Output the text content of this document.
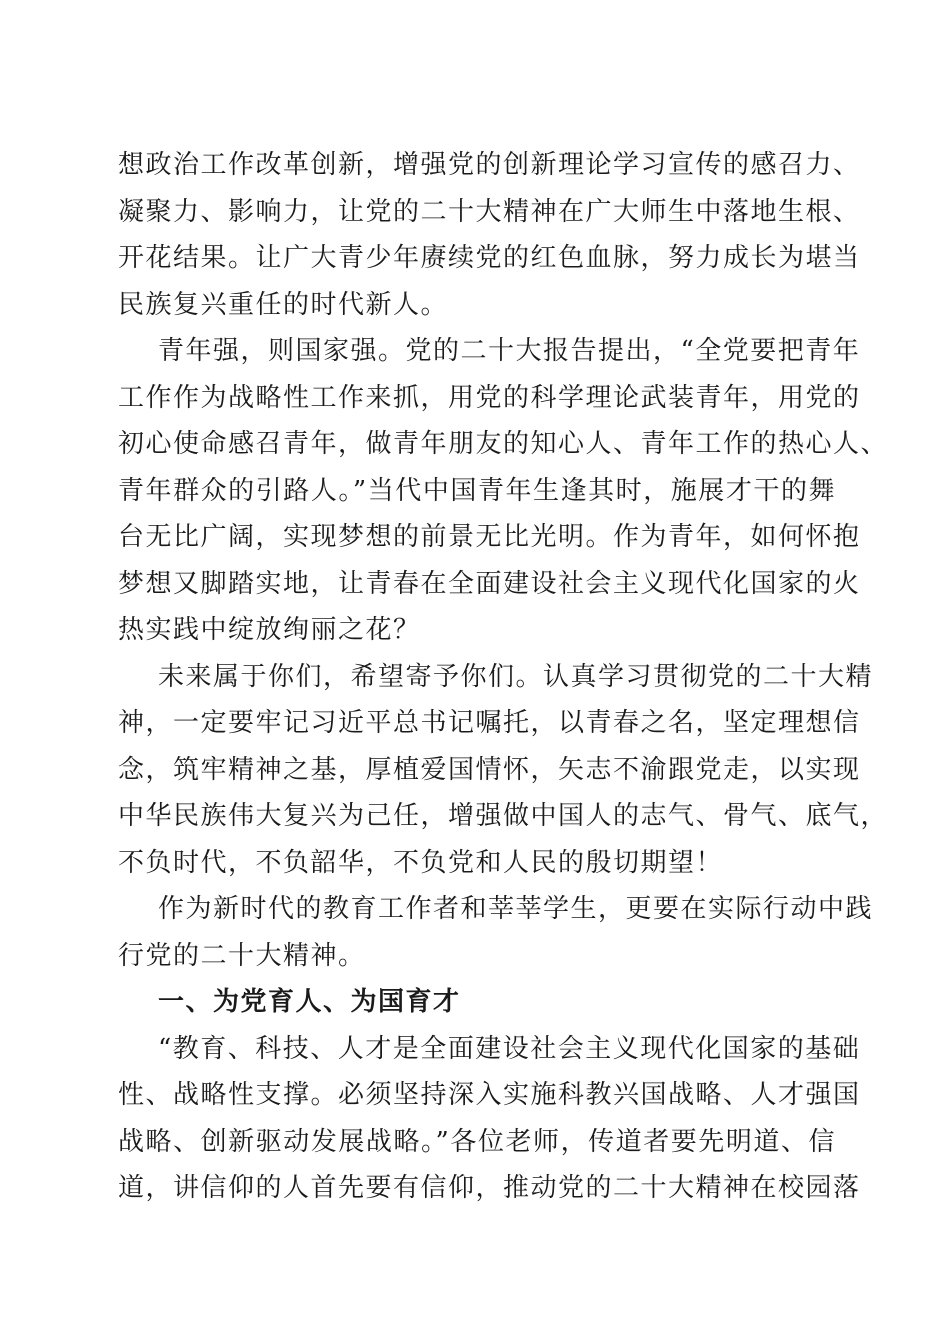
想政治工作改革创新，增强党的创新理论学习宣传的感召力、
凝聚力、影响力，让党的二十大精神在广大师生中落地生根、
开花结果。让广大青少年赓续党的红色血脉，努力成长为堪当
民族复兴重任的时代新人。
青年强，则国家强。党的二十大报告提出，“全党要把青年
工作作为战略性工作来抓，用党的科学理论武装青年，用党的
初心使命感召青年，做青年朋友的知心人、青年工作的热心人、
青年群众的引路人。”当代中国青年生逢其时，施展才干的舞
台无比广阔，实现梦想的前景无比光明。作为青年，如何怀抱
梦想又脚踏实地，让青春在全面建设社会主义现代化国家的火
热实践中绽放绚丽之花？
未来属于你们，希望寄予你们。认真学习贯彻党的二十大精
神，一定要牢记习近平总书记嘱托，以青春之名，坚定理想信
念，筑牢精神之基，厚植爱国情怀，矢志不渝跟党走，以实现
中华民族伟大复兴为己任，增强做中国人的志气、骨气、底气，
不负时代，不负韶华，不负党和人民的殷切期望！
作为新时代的教育工作者和莘莘学生，更要在实际行动中践
行党的二十大精神。
一、为党育人、为国育才
“教育、科技、人才是全面建设社会主义现代化国家的基础
性、战略性支撑。必须坚持深入实施科教兴国战略、人才强国
战略、创新驱动发展战略。”各位老师，传道者要先明道、信
道，讲信仰的人首先要有信仰，推动党的二十大精神在校园落
